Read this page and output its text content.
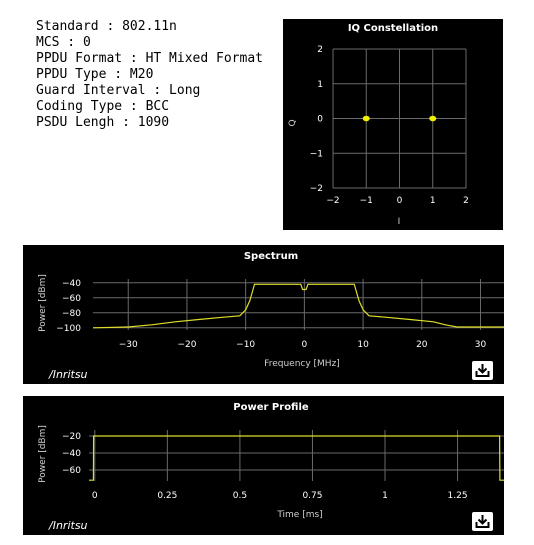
Standard : 802.11n
MCS : 0
PPDU Format : HT Mixed Format
PPDU Type : M20
Guard Interval : Long
Coding Type : BCC
PSDU Lengh : 1090
IQ Constellation
−2 −1	0	1	2
−2
−1
0
1
2
I
Q
Spectrum
−30	−20	−10	0	10	20	30
−40
−60
−80
−100
Frequency [MHz]
Power [dBm]
/Inritsu
Power Profile
0	0.25	0.5	0.75	1	1.25
−20
−40
−60
Time [ms]
Power [dBm]
/Inritsu
